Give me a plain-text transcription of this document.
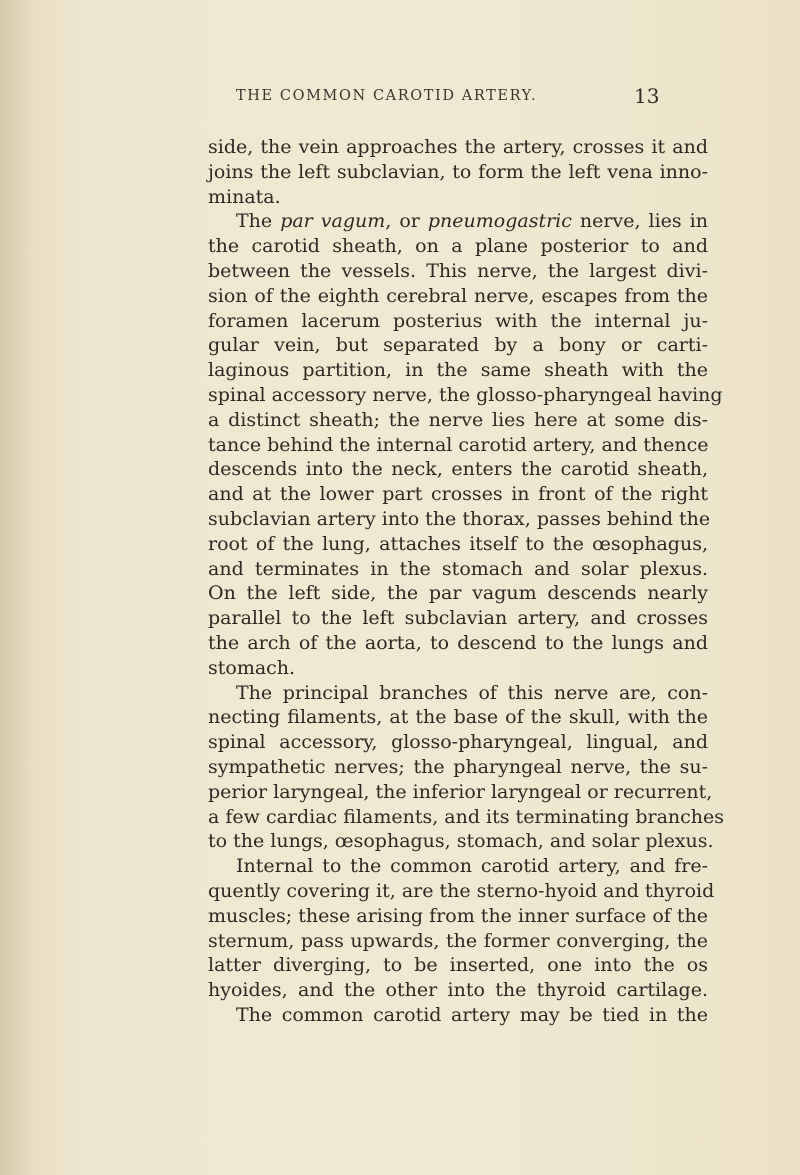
THE COMMON CAROTID ARTERY.	13
side, the vein approaches the artery, crosses it and
joins the left subclavian, to form the left vena inno-
minata.
The par vagum, or pneumogastric nerve, lies in
the carotid sheath, on a plane posterior to and
between the vessels. This nerve, the largest divi-
sion of the eighth cerebral nerve, escapes from the
foramen lacerum posterius with the internal ju-
gular vein, but separated by a bony or carti-
laginous partition, in the same sheath with the
spinal accessory nerve, the glosso-pharyngeal having
a distinct sheath; the nerve lies here at some dis-
tance behind the internal carotid artery, and thence
descends into the neck, enters the carotid sheath,
and at the lower part crosses in front of the right
subclavian artery into the thorax, passes behind the
root of the lung, attaches itself to the œsophagus,
and terminates in the stomach and solar plexus.
On the left side, the par vagum descends nearly
parallel to the left subclavian artery, and crosses
the arch of the aorta, to descend to the lungs and
stomach.
The principal branches of this nerve are, con-
necting filaments, at the base of the skull, with the
spinal accessory, glosso-pharyngeal, lingual, and
sympathetic nerves; the pharyngeal nerve, the su-
perior laryngeal, the inferior laryngeal or recurrent,
a few cardiac filaments, and its terminating branches
to the lungs, œsophagus, stomach, and solar plexus.
Internal to the common carotid artery, and fre-
quently covering it, are the sterno-hyoid and thyroid
muscles; these arising from the inner surface of the
sternum, pass upwards, the former converging, the
latter diverging, to be inserted, one into the os
hyoides, and the other into the thyroid cartilage.
The common carotid artery may be tied in the
